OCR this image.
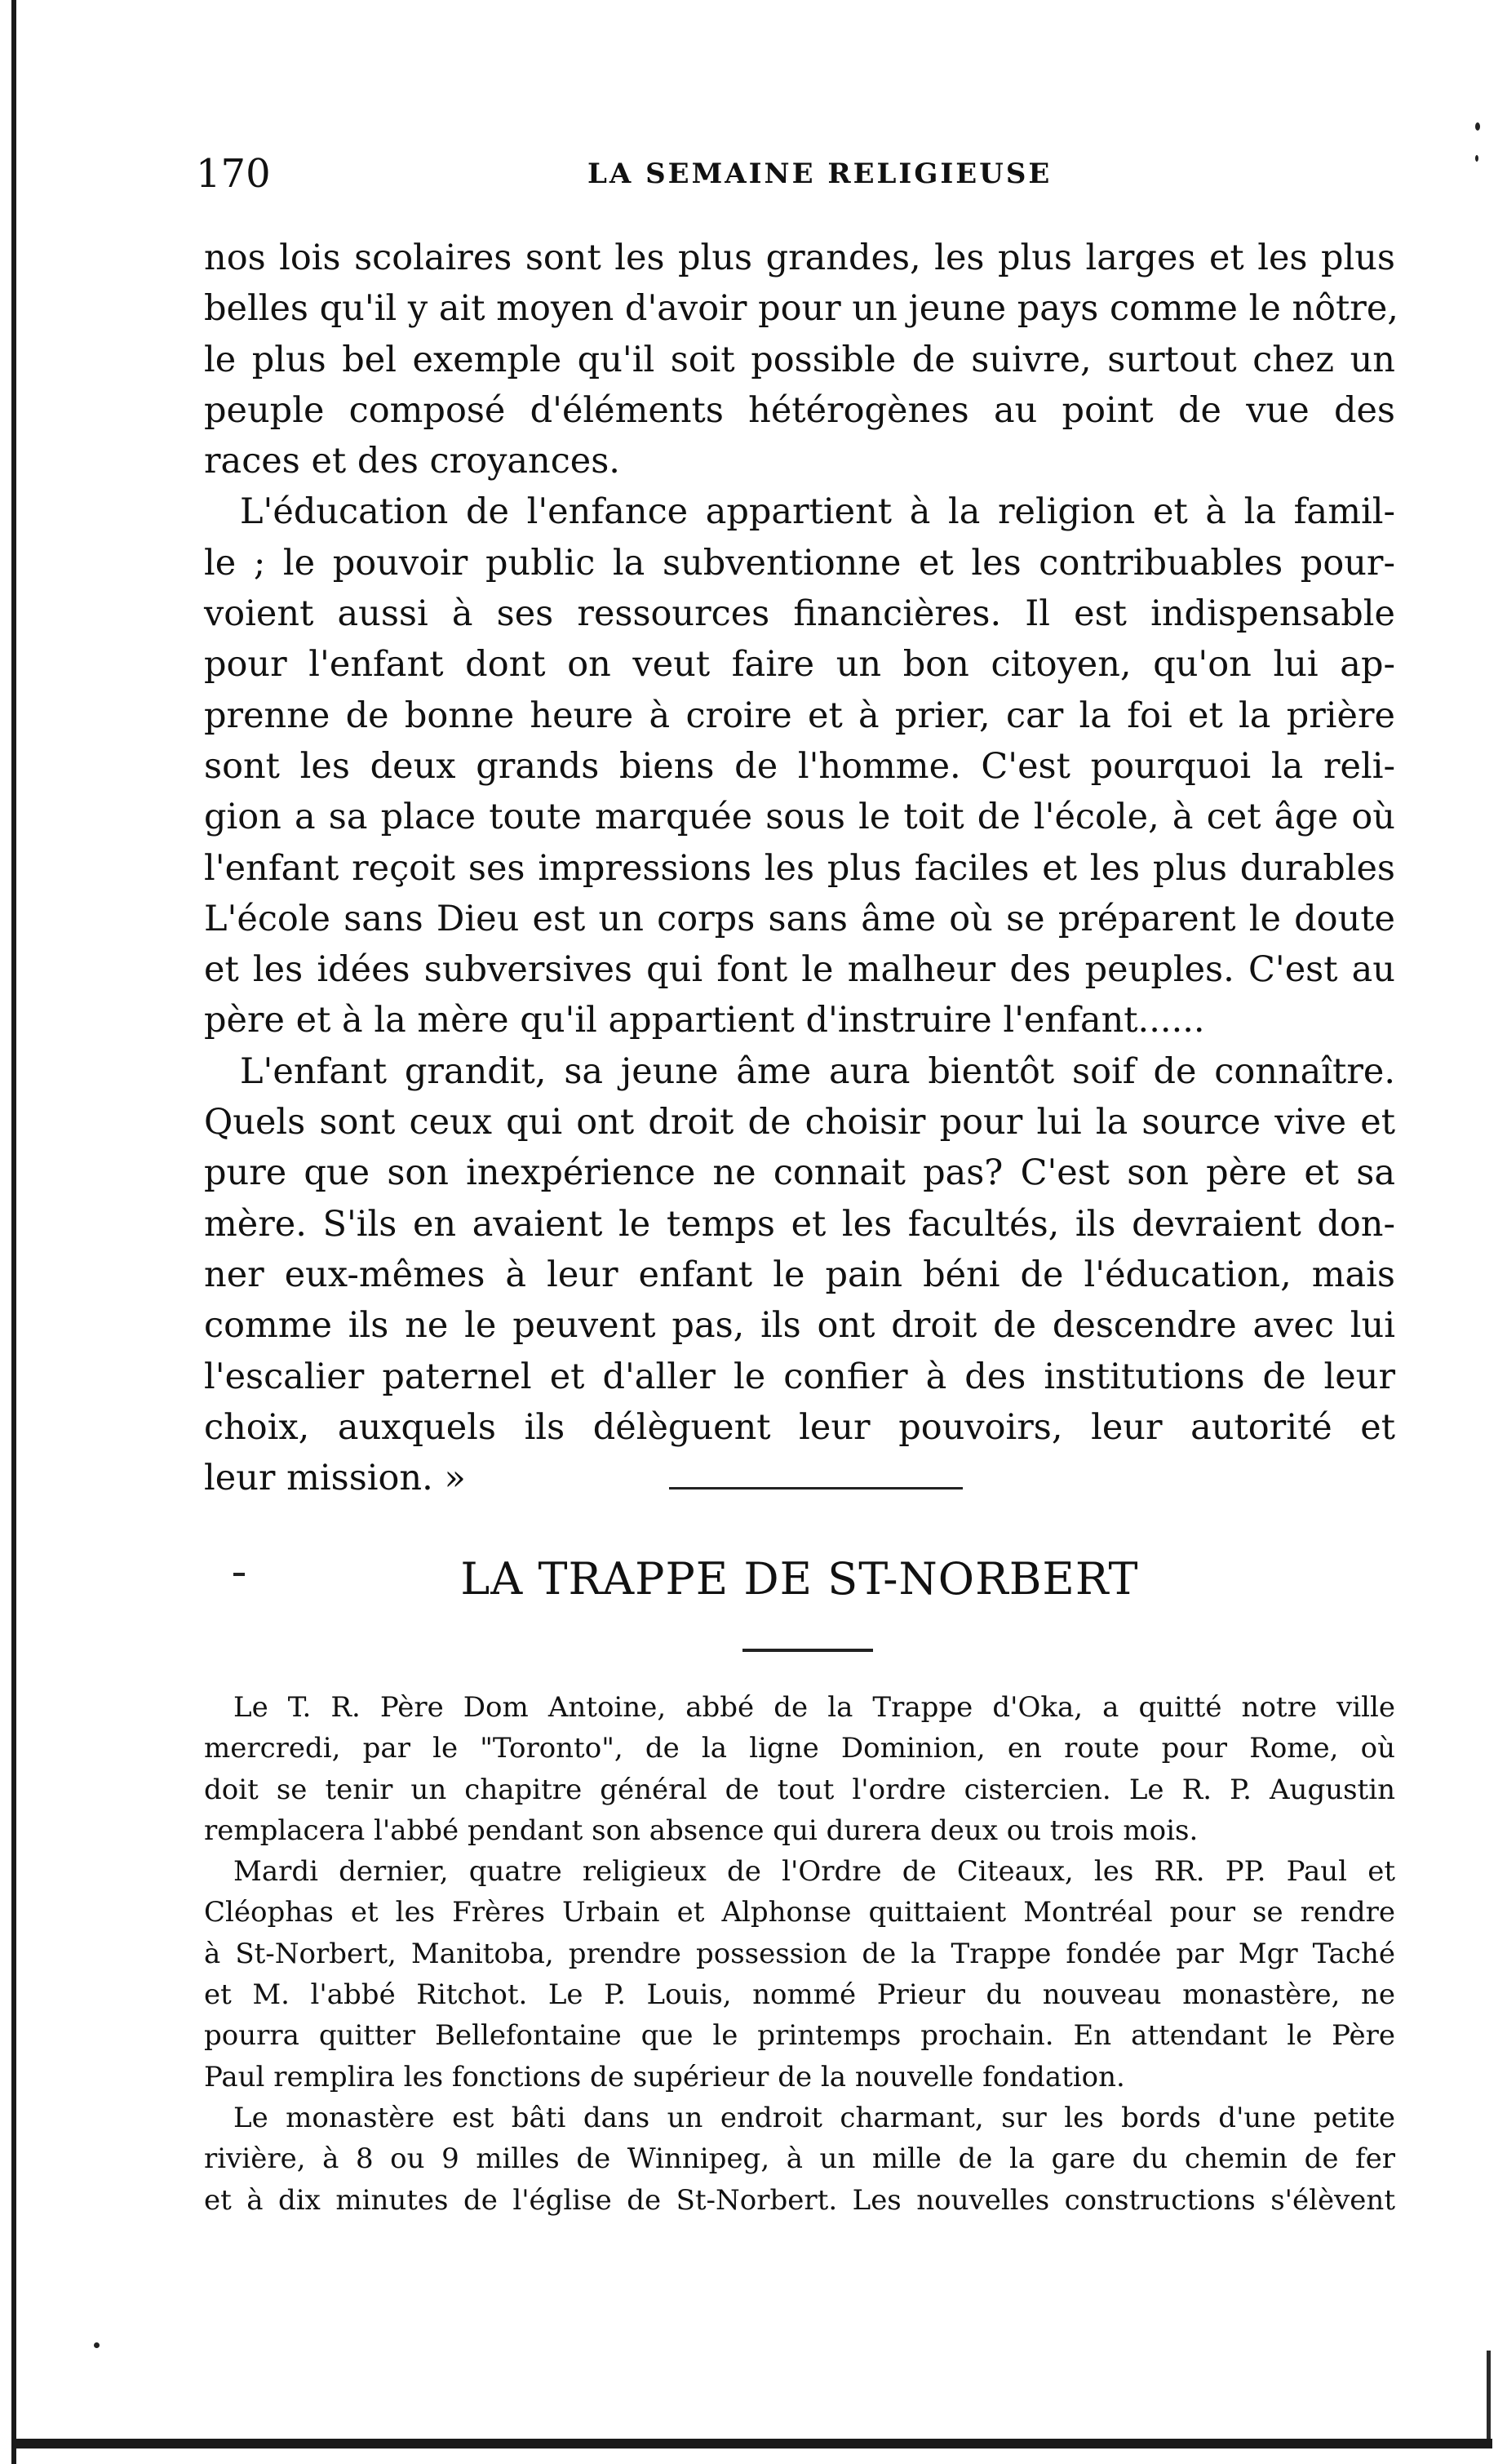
170	LA SEMAINE RELIGIEUSE
nos lois scolaires sont les plus grandes, les plus larges et les plus
belles qu'il y ait moyen d'avoir pour un jeune pays comme le nôtre,
le plus bel exemple qu'il soit possible de suivre, surtout chez un
peuple composé d'éléments hétérogènes au point de vue des
races et des croyances.
L'éducation de l'enfance appartient à la religion et à la famil-
le ; le pouvoir public la subventionne et les contribuables pour-
voient aussi à ses ressources financières. Il est indispensable
pour l'enfant dont on veut faire un bon citoyen, qu'on lui ap-
prenne de bonne heure à croire et à prier, car la foi et la prière
sont les deux grands biens de l'homme. C'est pourquoi la reli-
gion a sa place toute marquée sous le toit de l'école, à cet âge où
l'enfant reçoit ses impressions les plus faciles et les plus durables
L'école sans Dieu est un corps sans âme où se préparent le doute
et les idées subversives qui font le malheur des peuples. C'est au
père et à la mère qu'il appartient d'instruire l'enfant......
L'enfant grandit, sa jeune âme aura bientôt soif de connaître.
Quels sont ceux qui ont droit de choisir pour lui la source vive et
pure que son inexpérience ne connait pas? C'est son père et sa
mère. S'ils en avaient le temps et les facultés, ils devraient don-
ner eux-mêmes à leur enfant le pain béni de l'éducation, mais
comme ils ne le peuvent pas, ils ont droit de descendre avec lui
l'escalier paternel et d'aller le confier à des institutions de leur
choix, auxquels ils délèguent leur pouvoirs, leur autorité et
leur mission. »
LA TRAPPE DE ST-NORBERT
Le T. R. Père Dom Antoine, abbé de la Trappe d'Oka, a quitté notre ville
mercredi, par le "Toronto", de la ligne Dominion, en route pour Rome, où
doit se tenir un chapitre général de tout l'ordre cistercien. Le R. P. Augustin
remplacera l'abbé pendant son absence qui durera deux ou trois mois.
Mardi dernier, quatre religieux de l'Ordre de Citeaux, les RR. PP. Paul et
Cléophas et les Frères Urbain et Alphonse quittaient Montréal pour se rendre
à St-Norbert, Manitoba, prendre possession de la Trappe fondée par Mgr Taché
et M. l'abbé Ritchot. Le P. Louis, nommé Prieur du nouveau monastère, ne
pourra quitter Bellefontaine que le printemps prochain. En attendant le Père
Paul remplira les fonctions de supérieur de la nouvelle fondation.
Le monastère est bâti dans un endroit charmant, sur les bords d'une petite
rivière, à 8 ou 9 milles de Winnipeg, à un mille de la gare du chemin de fer
et à dix minutes de l'église de St-Norbert. Les nouvelles constructions s'élèvent
